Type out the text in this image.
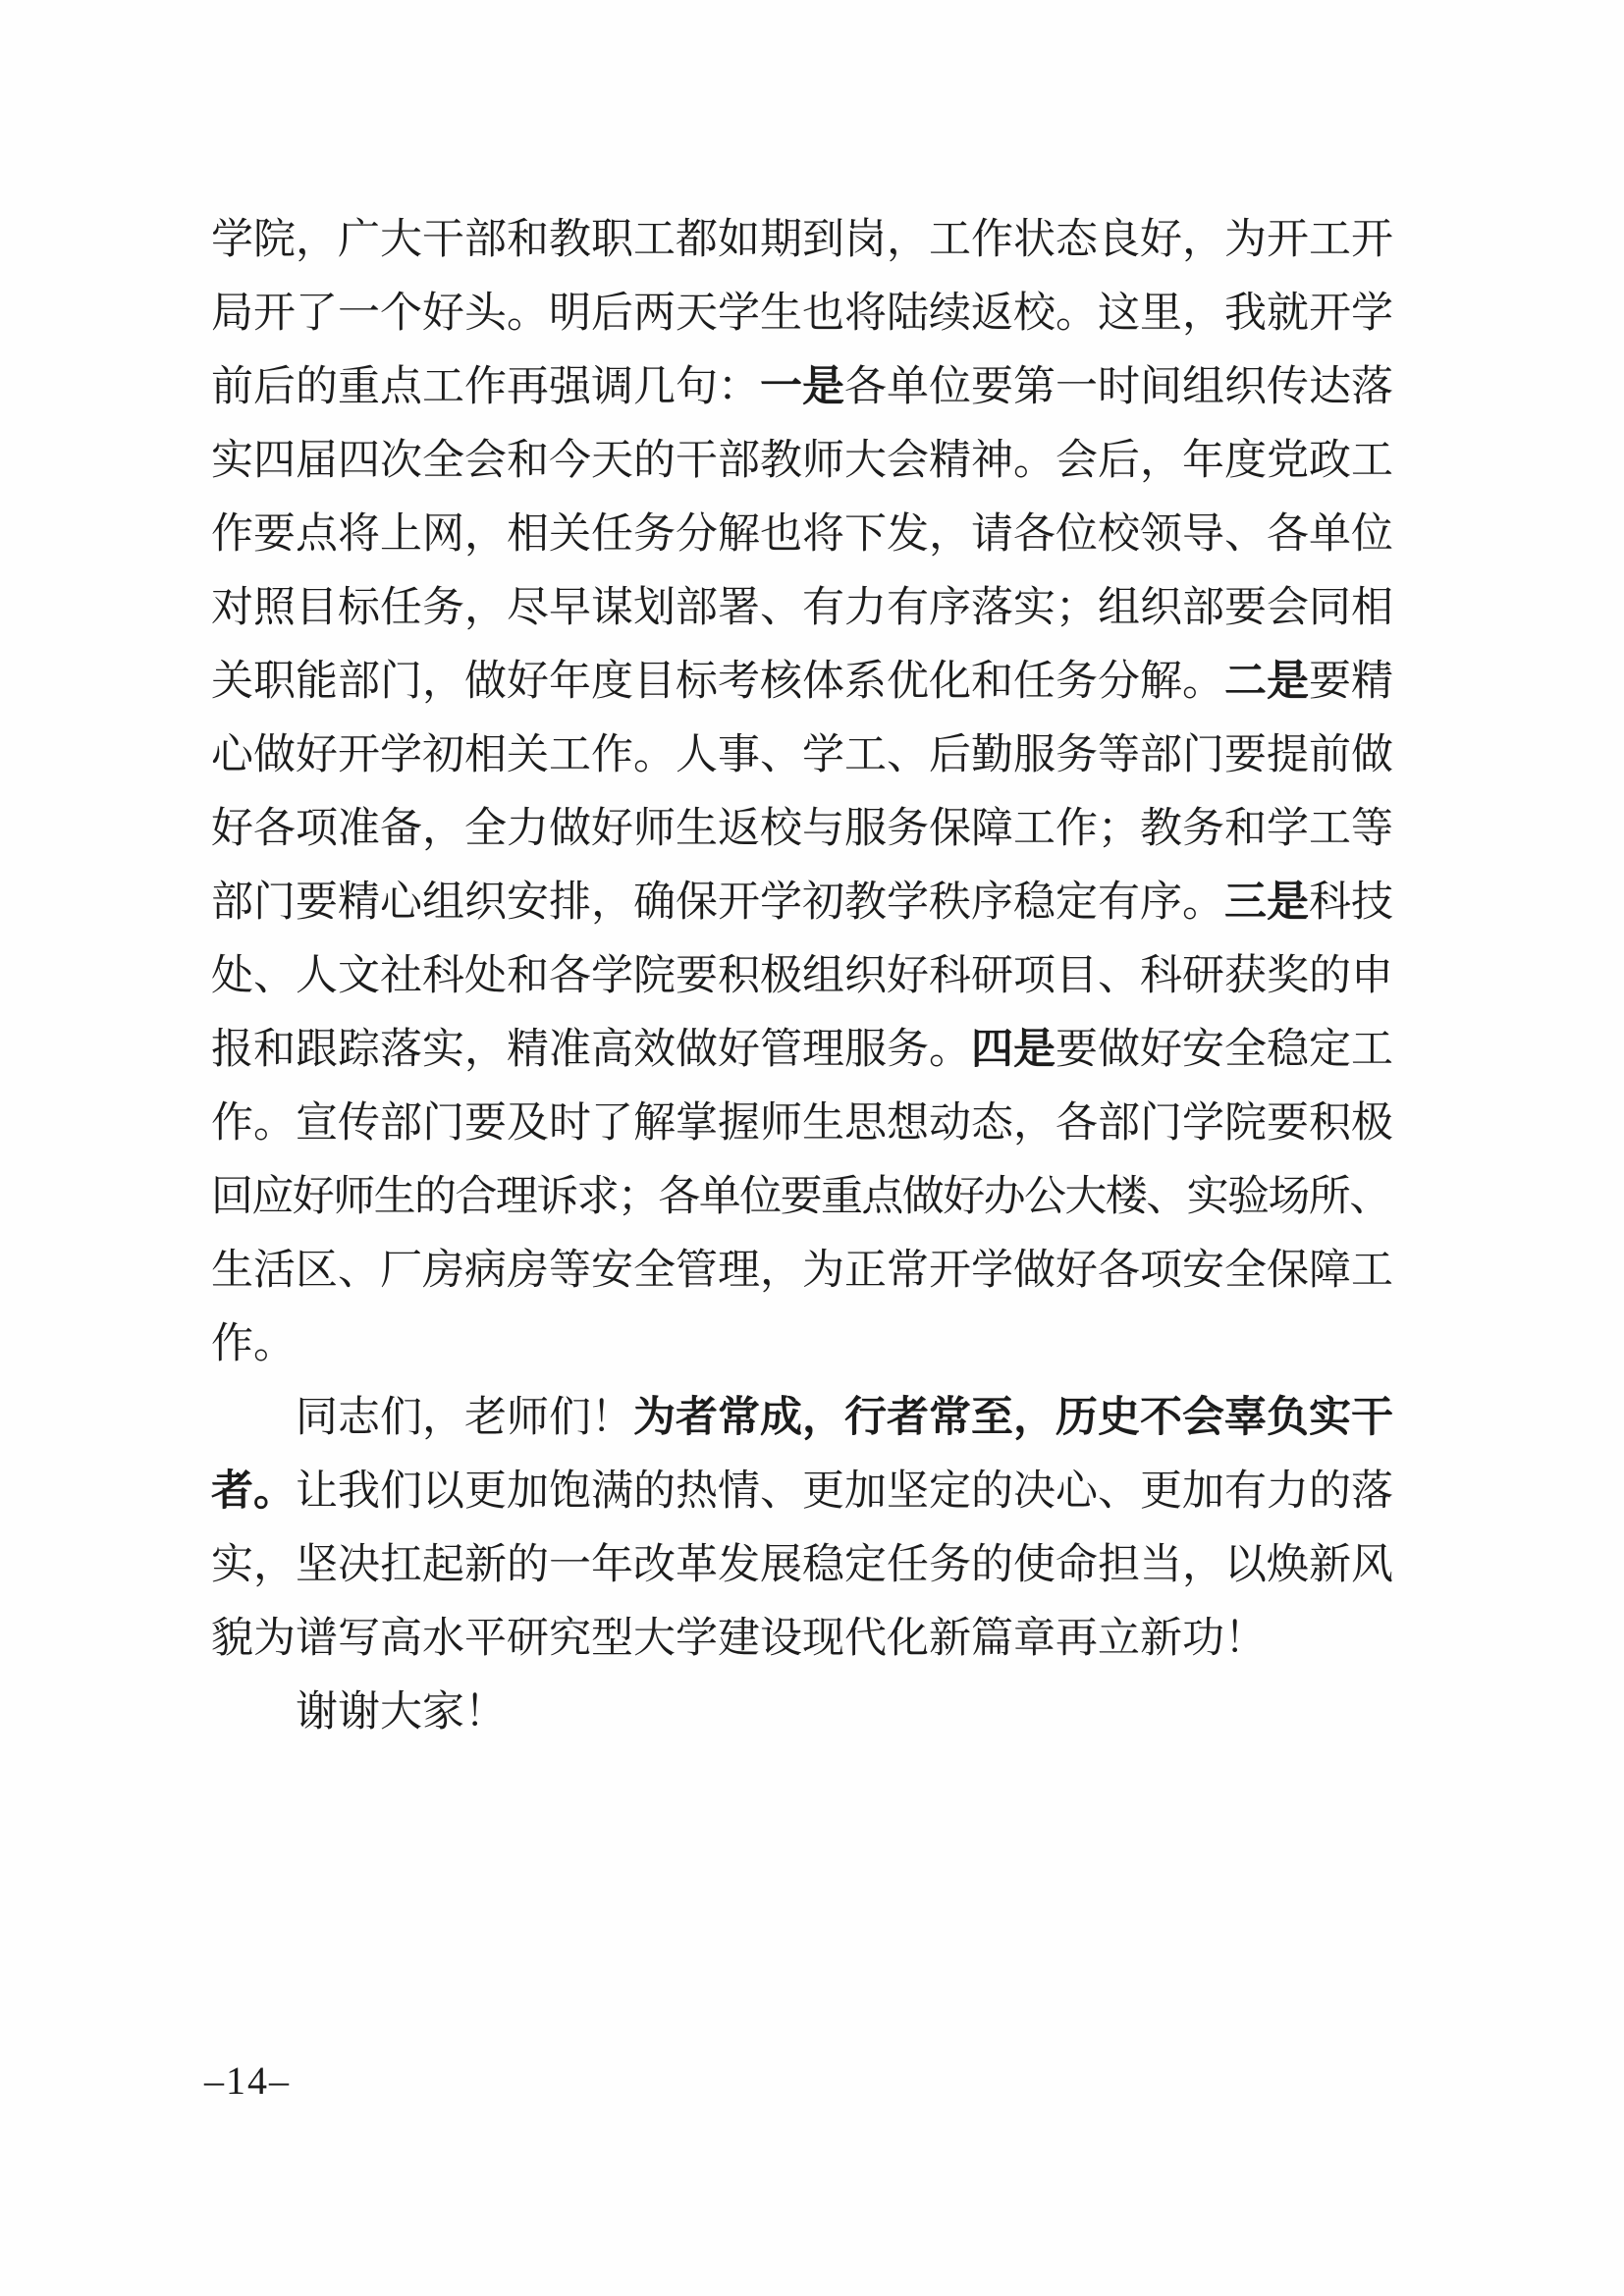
学院，广大干部和教职工都如期到岗，工作状态良好，为开工开
局开了一个好头。明后两天学生也将陆续返校。这里，我就开学
前后的重点工作再强调几句：一是各单位要第一时间组织传达落
实四届四次全会和今天的干部教师大会精神。会后，年度党政工
作要点将上网，相关任务分解也将下发，请各位校领导、各单位
对照目标任务，尽早谋划部署、有力有序落实；组织部要会同相
关职能部门，做好年度目标考核体系优化和任务分解。二是要精
心做好开学初相关工作。人事、学工、后勤服务等部门要提前做
好各项准备，全力做好师生返校与服务保障工作；教务和学工等
部门要精心组织安排，确保开学初教学秩序稳定有序。三是科技
处、人文社科处和各学院要积极组织好科研项目、科研获奖的申
报和跟踪落实，精准高效做好管理服务。四是要做好安全稳定工
作。宣传部门要及时了解掌握师生思想动态，各部门学院要积极
回应好师生的合理诉求；各单位要重点做好办公大楼、实验场所、
生活区、厂房病房等安全管理，为正常开学做好各项安全保障工
作。
同志们，老师们！为者常成，行者常至，历史不会辜负实干
者。让我们以更加饱满的热情、更加坚定的决心、更加有力的落
实，坚决扛起新的一年改革发展稳定任务的使命担当，以焕新风
貌为谱写高水平研究型大学建设现代化新篇章再立新功！
谢谢大家！
–14–
